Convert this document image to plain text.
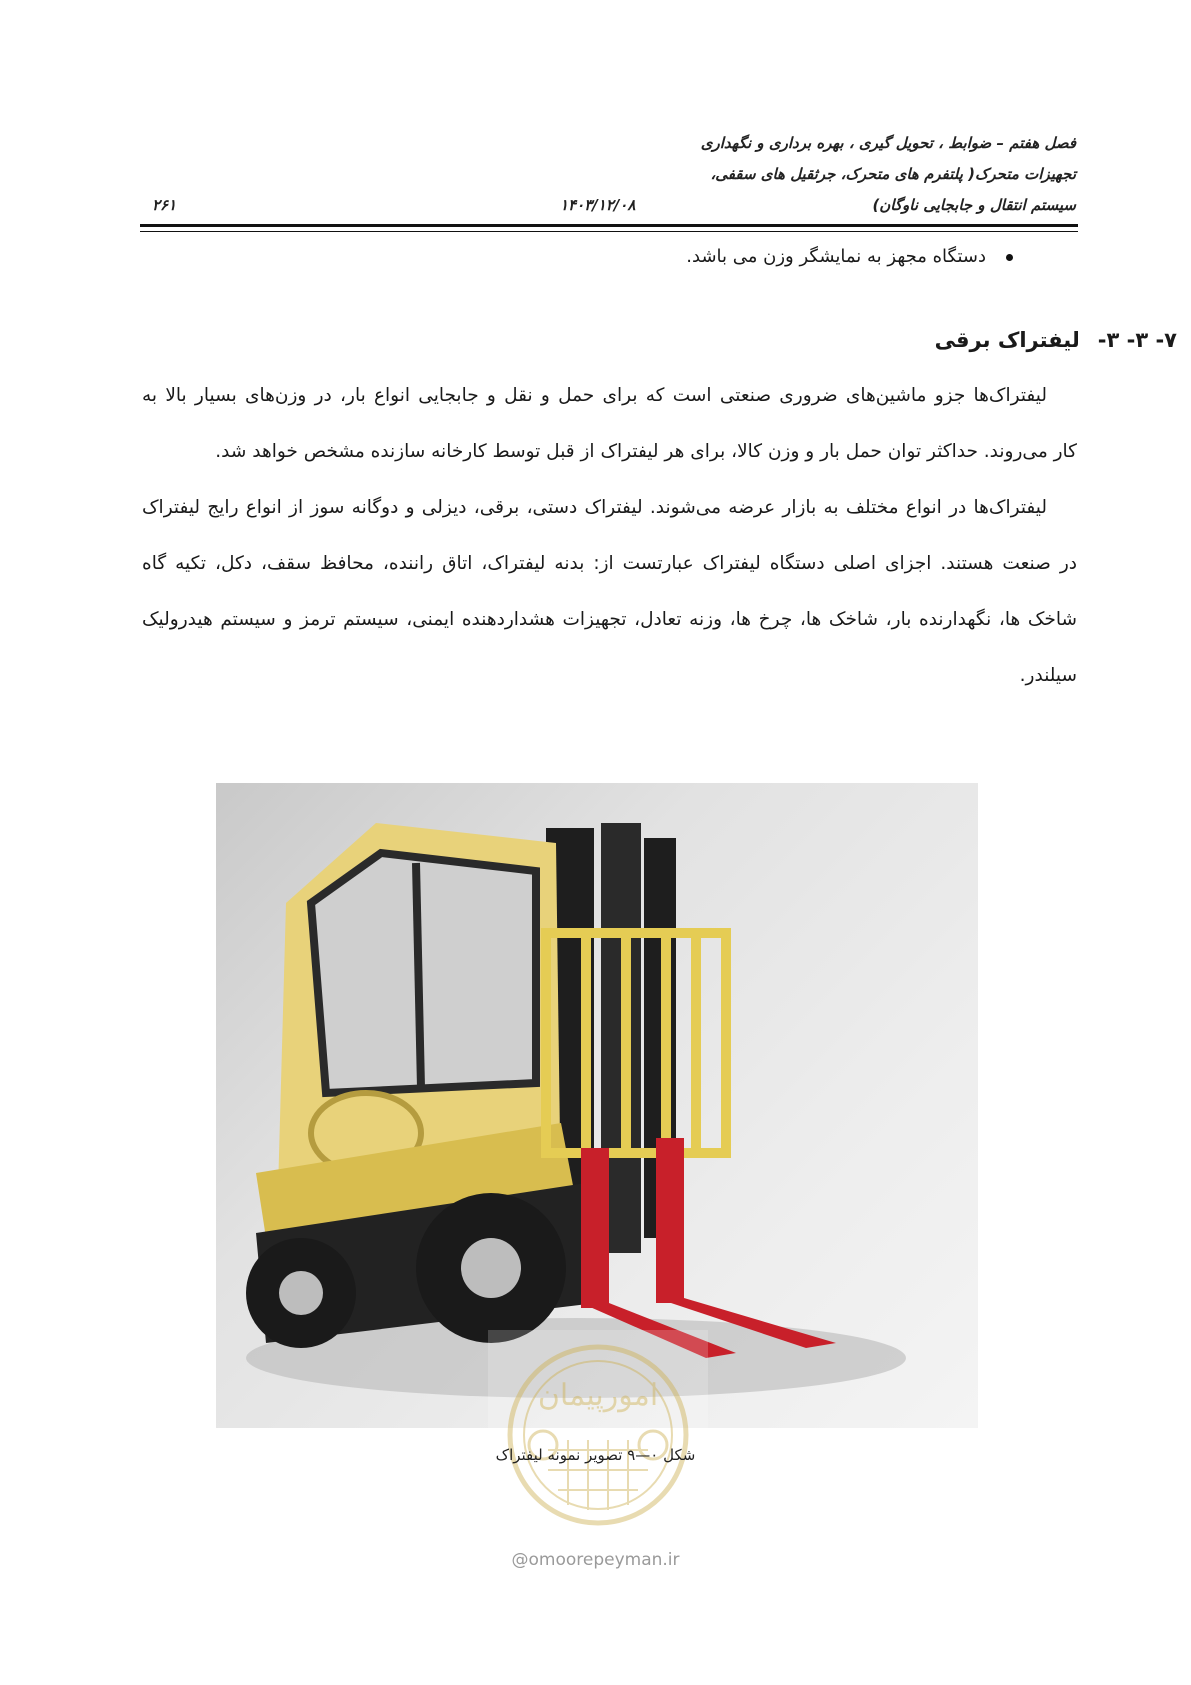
فصل هفتم – ضوابط ، تحویل گیری ، بهره برداری و نگهداری
تجهیزات متحرک( پلتفرم های متحرک، جرثقیل های سقفی،
سیستم انتقال و جابجایی ناوگان)
۱۴۰۳/۱۲/۰۸
۲۶۱
دستگاه مجهز به نمایشگر وزن می باشد.
۷- ۳- ۳-لیفتراک برقی
لیفتراک‌ها جزو ماشین‌های ضروری صنعتی است که برای حمل و نقل و جابجایی انواع بار، در وزن‌های بسیار بالا به
کار می‌روند. حداکثر توان حمل بار و وزن کالا، برای هر لیفتراک از قبل توسط کارخانه سازنده مشخص خواهد شد.
لیفتراک‌ها در انواع مختلف به بازار عرضه می‌شوند. لیفتراک دستی، برقی، دیزلی و دوگانه سوز از انواع رایج لیفتراک
در صنعت هستند. اجزای اصلی دستگاه لیفتراک عبارتست از: بدنه لیفتراک، اتاق راننده، محافظ سقف، دکل، تکیه گاه
شاخک ها، نگهدارنده بار، شاخک ها، چرخ ها، وزنه تعادل، تجهیزات هشداردهنده ایمنی، سیستم ترمز و سیستم هیدرولیک
سیلندر.
امورپیمان
شکل ۰—۹ تصویر نمونه لیفتراک
@omoorepeyman.ir
